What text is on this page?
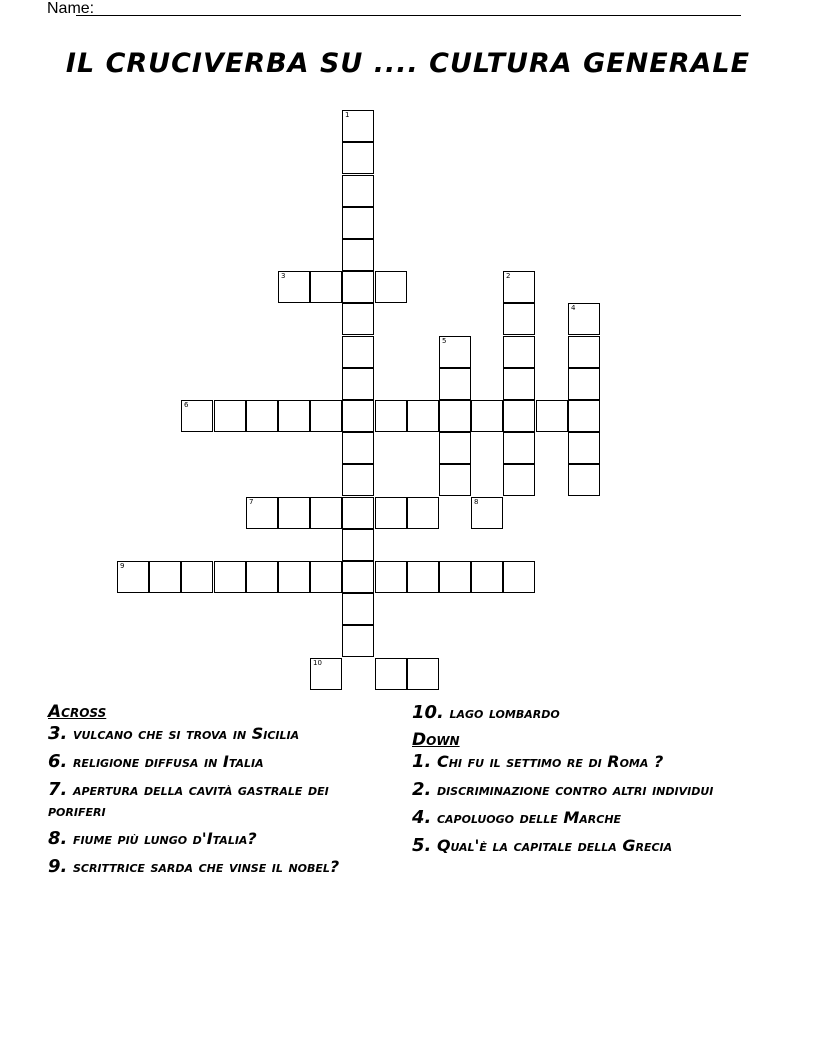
Name:
IL CRUCIVERBA SU .... CULTURA GENERALE
1
3	2
4
5
6
7	8
9
10
Across
3. vulcano che si trova in Sicilia
6. religione diffusa in Italia
7. apertura della cavità gastrale dei poriferi
8. fiume più lungo d'Italia?
9. scrittrice sarda che vinse il nobel?
10. lago lombardo
Down
1. Chi fu il settimo re di Roma ?
2. discriminazione contro altri individui
4. capoluogo delle Marche
5. Qual'è la capitale della Grecia
